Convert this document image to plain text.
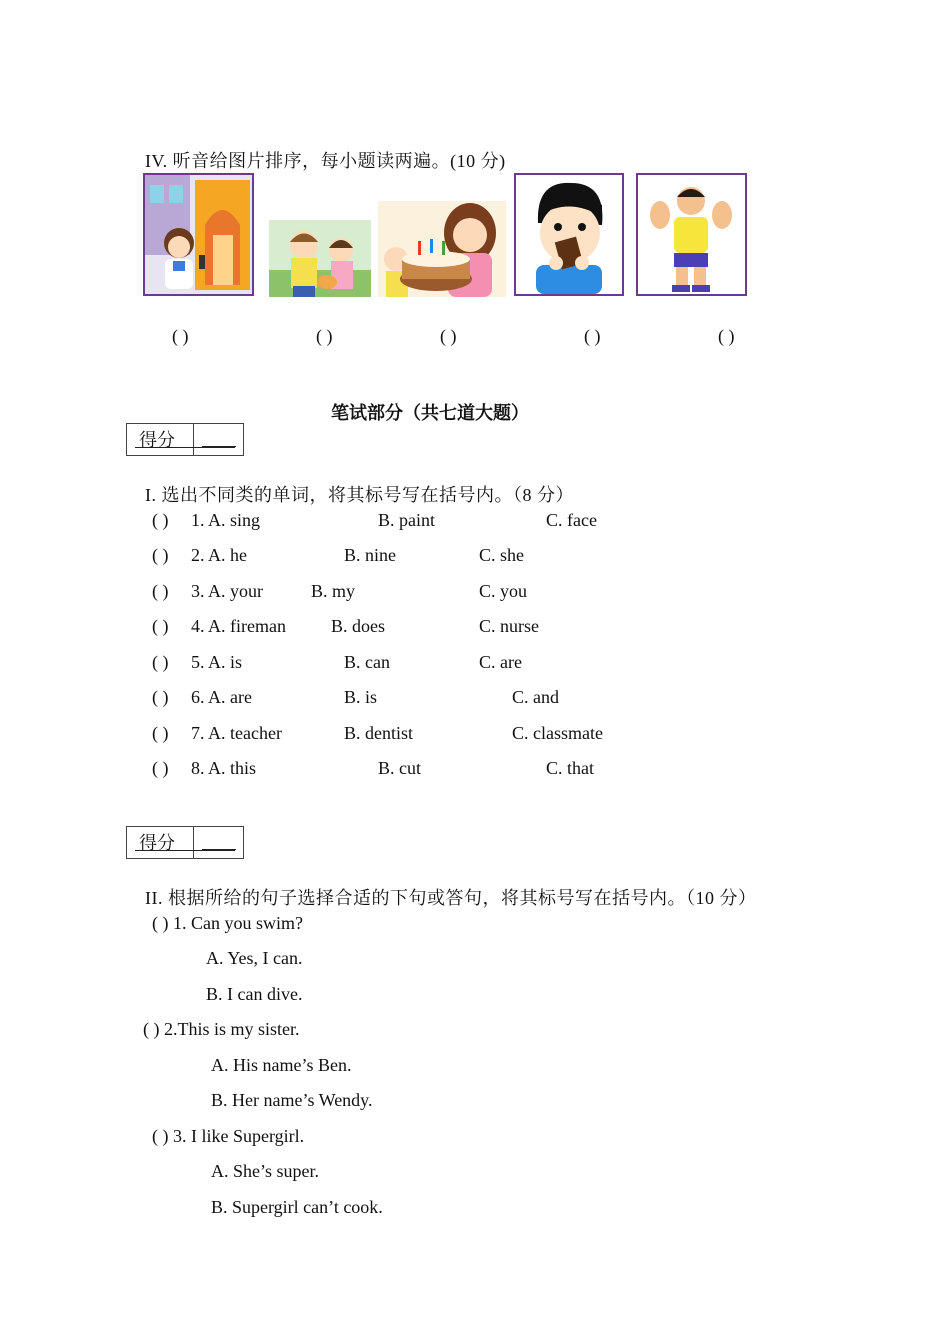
IV. 听音给图片排序，每小题读两遍。(10 分)
( )	( )	( )	( )	( )
笔试部分（共七道大题）
得分
I. 选出不同类的单词，将其标号写在括号内。（8 分）
( ) 1. A. sing	B. paint	C. face
( ) 2. A. he	B. nine	C. she
( ) 3. A. your	B. my	C. you
( ) 4. A. fireman	B. does	C. nurse
( ) 5. A. is	B. can	C. are
( ) 6. A. are	B. is	C. and
( ) 7. A. teacher	B. dentist	C. classmate
( ) 8. A. this	B. cut	C. that
得分
II. 根据所给的句子选择合适的下句或答句，将其标号写在括号内。（10 分）
( ) 1. Can you swim?
A. Yes, I can.
B. I can dive.
( ) 2.This is my sister.
A. His name’s Ben.
B. Her name’s Wendy.
( ) 3. I like Supergirl.
A. She’s super.
B. Supergirl can’t cook.
